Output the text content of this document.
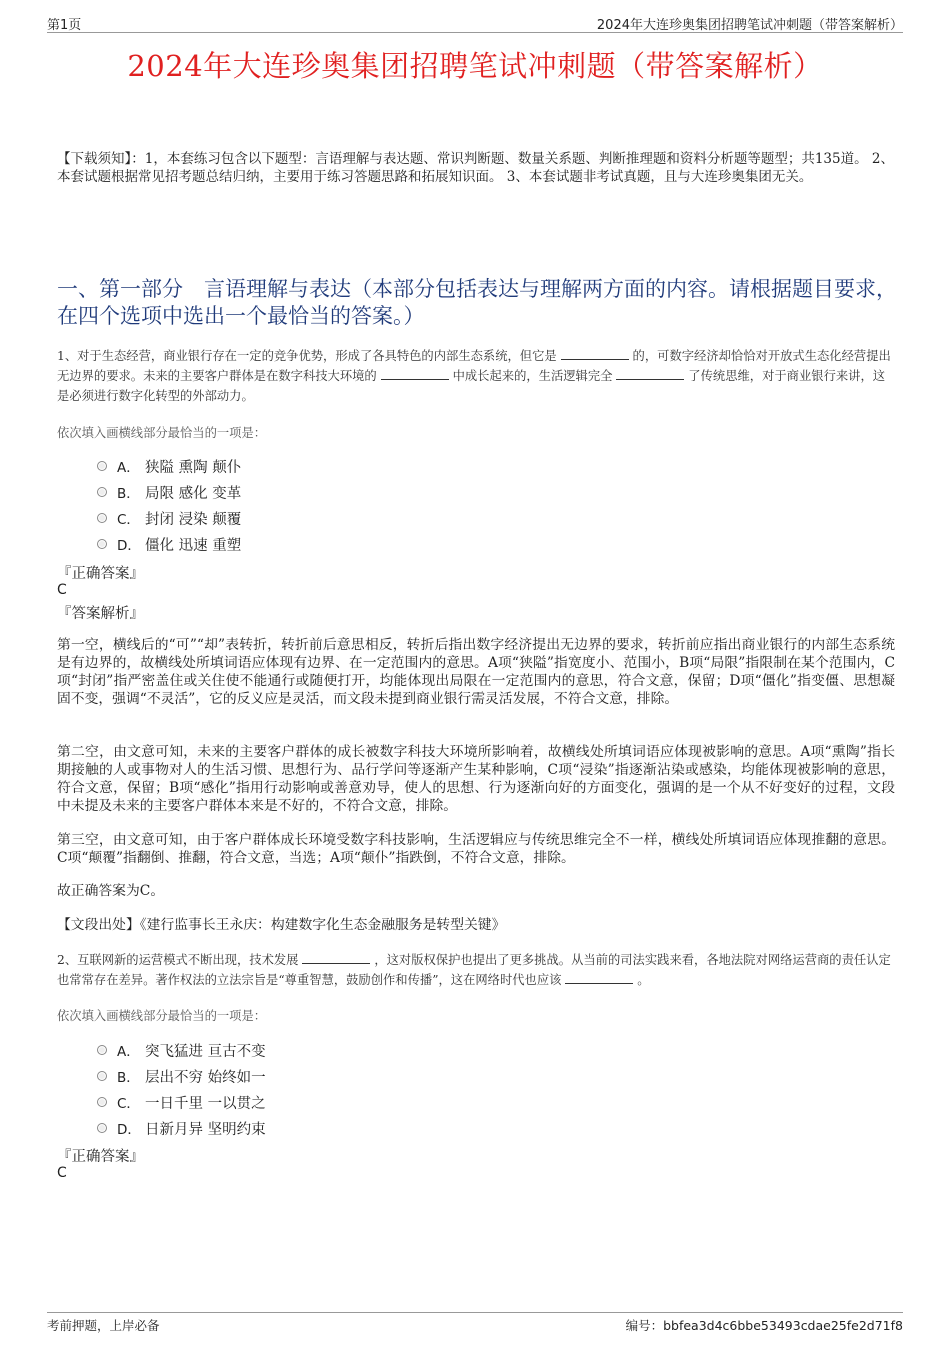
第1页	2024年大连珍奥集团招聘笔试冲刺题（带答案解析）
2024年大连珍奥集团招聘笔试冲刺题（带答案解析）
【下载须知】：1，本套练习包含以下题型：言语理解与表达题、常识判断题、数量关系题、判断推理题和资料分析题等题型；共135道。 2、本套试题根据常见招考题总结归纳，主要用于练习答题思路和拓展知识面。 3、本套试题非考试真题，且与大连珍奥集团无关。
一、第一部分　言语理解与表达（本部分包括表达与理解两方面的内容。请根据题目要求，在四个选项中选出一个最恰当的答案。）
1、对于生态经营，商业银行存在一定的竞争优势，形成了各具特色的内部生态系统，但它是	的，可数字经济却恰恰对开放式生态化经营提出无边界的要求。未来的主要客户群体是在数字科技大环境的	中成长起来的，生活逻辑完全	了传统思维，对于商业银行来讲，这是必须进行数字化转型的外部动力。
依次填入画横线部分最恰当的一项是：
A． 狭隘 熏陶 颠仆
B． 局限 感化 变革
C． 封闭 浸染 颠覆
D． 僵化 迅速 重塑
『正确答案』
C
『答案解析』
第一空，横线后的“可”“却”表转折，转折前后意思相反，转折后指出数字经济提出无边界的要求，转折前应指出商业银行的内部生态系统是有边界的，故横线处所填词语应体现有边界、在一定范围内的意思。A项“狭隘”指宽度小、范围小，B项“局限”指限制在某个范围内，C项“封闭”指严密盖住或关住使不能通行或随便打开，均能体现出局限在一定范围内的意思，符合文意，保留；D项“僵化”指变僵、思想凝固不变，强调“不灵活”，它的反义应是灵活，而文段未提到商业银行需灵活发展，不符合文意，排除。
第二空，由文意可知，未来的主要客户群体的成长被数字科技大环境所影响着，故横线处所填词语应体现被影响的意思。A项“熏陶”指长期接触的人或事物对人的生活习惯、思想行为、品行学问等逐渐产生某种影响，C项“浸染”指逐渐沾染或感染，均能体现被影响的意思，符合文意，保留；B项“感化”指用行动影响或善意劝导，使人的思想、行为逐渐向好的方面变化，强调的是一个从不好变好的过程，文段中未提及未来的主要客户群体本来是不好的，不符合文意，排除。
第三空，由文意可知，由于客户群体成长环境受数字科技影响，生活逻辑应与传统思维完全不一样，横线处所填词语应体现推翻的意思。C项“颠覆”指翻倒、推翻，符合文意，当选；A项“颠仆”指跌倒，不符合文意，排除。
故正确答案为C。
【文段出处】《建行监事长王永庆：构建数字化生态金融服务是转型关键》
2、互联网新的运营模式不断出现，技术发展	，这对版权保护也提出了更多挑战。从当前的司法实践来看，各地法院对网络运营商的责任认定也常常存在差异。著作权法的立法宗旨是“尊重智慧，鼓励创作和传播”，这在网络时代也应该	。
依次填入画横线部分最恰当的一项是：
A． 突飞猛进 亘古不变
B． 层出不穷 始终如一
C． 一日千里 一以贯之
D． 日新月异 坚明约束
『正确答案』
C
考前押题，上岸必备	编号：bbfea3d4c6bbe53493cdae25fe2d71f8
